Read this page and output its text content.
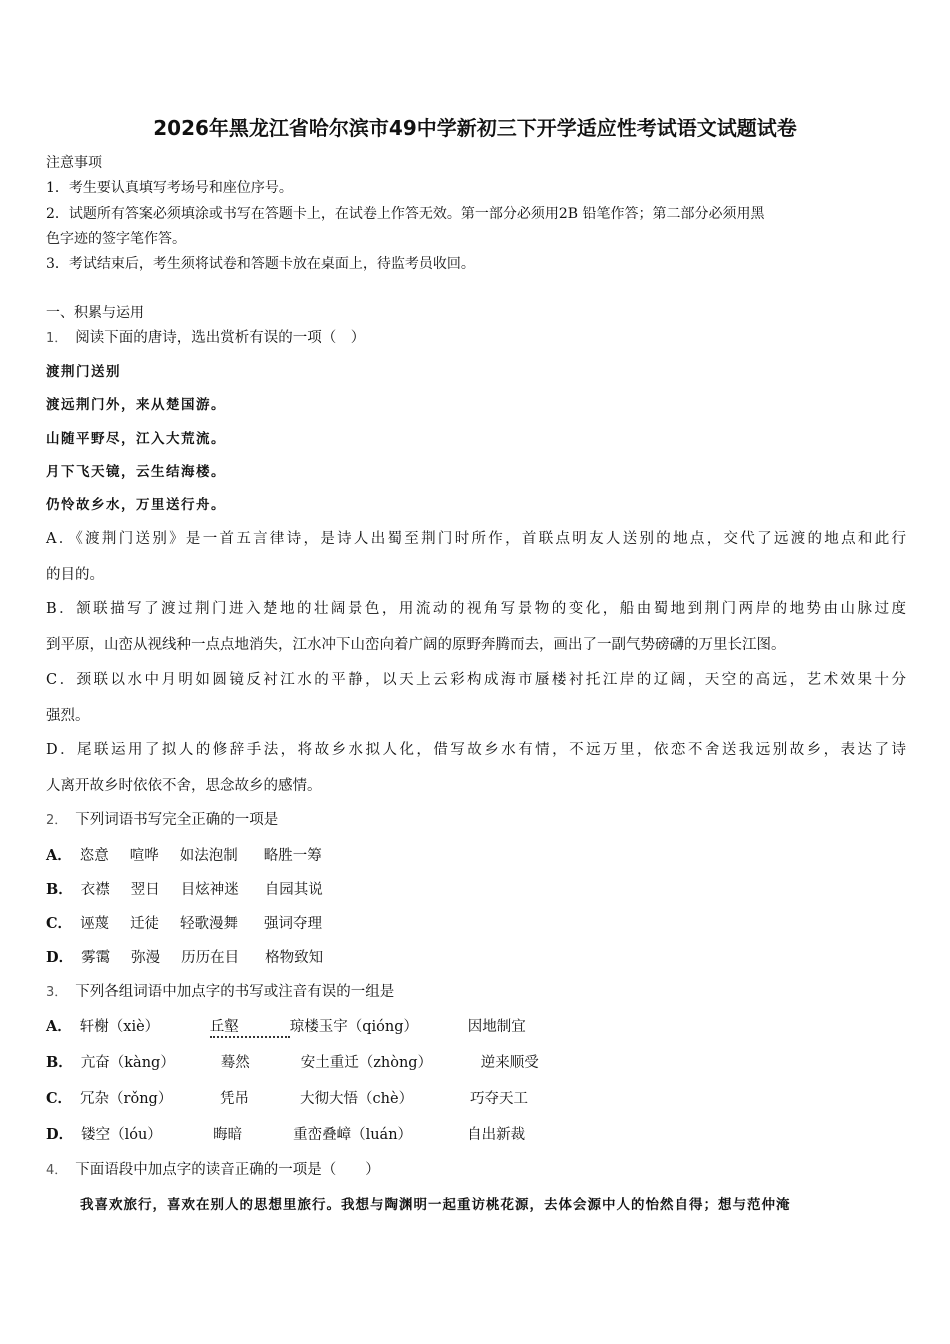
2026年黑龙江省哈尔滨市49中学新初三下开学适应性考试语文试题试卷
注意事项
1．考生要认真填写考场号和座位序号。
2．试题所有答案必须填涂或书写在答题卡上，在试卷上作答无效。第一部分必须用2B 铅笔作答；第二部分必须用黑
色字迹的签字笔作答。
3．考试结束后，考生须将试卷和答题卡放在桌面上，待监考员收回。
一、积累与运用
1． 阅读下面的唐诗，选出赏析有误的一项（　）
渡荆门送别
渡远荆门外，来从楚国游。
山随平野尽，江入大荒流。
月下飞天镜，云生结海楼。
仍怜故乡水，万里送行舟。
A．《渡荆门送别》是一首五言律诗，是诗人出蜀至荆门时所作，首联点明友人送别的地点，交代了远渡的地点和此行
的目的。
B．颔联描写了渡过荆门进入楚地的壮阔景色，用流动的视角写景物的变化，船由蜀地到荆门两岸的地势由山脉过度
到平原，山峦从视线种一点点地消失，江水冲下山峦向着广阔的原野奔腾而去，画出了一副气势磅礴的万里长江图。
C．颈联以水中月明如圆镜反衬江水的平静，以天上云彩构成海市蜃楼衬托江岸的辽阔，天空的高远，艺术效果十分
强烈。
D．尾联运用了拟人的修辞手法，将故乡水拟人化，借写故乡水有情，不远万里，依恋不舍送我远别故乡，表达了诗
人离开故乡时依依不舍，思念故乡的感情。
2． 下列词语书写完全正确的一项是
A． 恣意 喧哗 如法泡制 略胜一筹
B． 衣襟 翌日 目炫神迷 自园其说
C． 诬蔑 迁徒 轻歌漫舞 强词夺理
D． 雾霭 弥漫 历历在目 格物致知
3． 下列各组词语中加点字的书写或注音有误的一组是
A． 轩榭（xiè）	丘壑	琼楼玉宇（qióng）	因地制宜
B． 亢奋（kàng）	蓦然	安土重迁（zhòng）	逆来顺受
C． 冗杂（rǒng）	凭吊	大彻大悟（chè）	巧夺天工
D． 镂空（lóu）	晦暗	重峦叠嶂（luán）	自出新裁
4． 下面语段中加点字的读音正确的一项是（　　）
我喜欢旅行，喜欢在别人的思想里旅行。我想与陶渊明一起重访桃花源，去体会源中人的怡然自得；想与范仲淹
